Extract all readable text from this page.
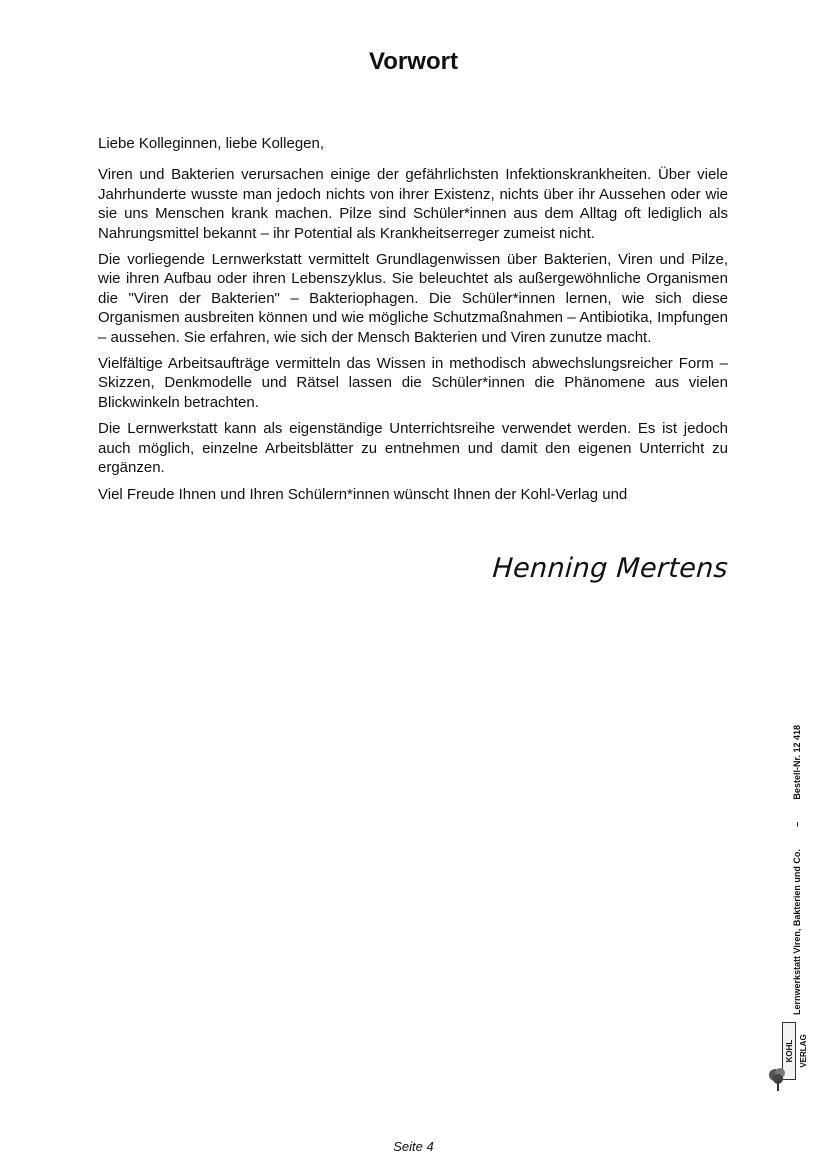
Vorwort

Liebe Kolleginnen, liebe Kollegen,

Viren und Bakterien verursachen einige der gefährlichsten Infektionskrankheiten. Über viele Jahrhunderte wusste man jedoch nichts von ihrer Existenz, nichts über ihr Aussehen oder wie sie uns Menschen krank machen. Pilze sind Schüler*innen aus dem Alltag oft lediglich als Nahrungsmittel bekannt – ihr Potential als Krankheitserreger zumeist nicht.

Die vorliegende Lernwerkstatt vermittelt Grundlagenwissen über Bakterien, Viren und Pilze, wie ihren Aufbau oder ihren Lebenszyklus. Sie beleuchtet als außergewöhnliche Organismen die "Viren der Bakterien" – Bakteriophagen. Die Schüler*innen lernen, wie sich diese Organismen ausbreiten können und wie mögliche Schutzmaßnahmen – Antibiotika, Impfungen – aussehen. Sie erfahren, wie sich der Mensch Bakterien und Viren zunutze macht.

Vielfältige Arbeitsaufträge vermitteln das Wissen in methodisch abwechslungsreicher Form – Skizzen, Denkmodelle und Rätsel lassen die Schüler*innen die Phänomene aus vielen Blickwinkeln betrachten.

Die Lernwerkstatt kann als eigenständige Unterrichtsreihe verwendet werden. Es ist jedoch auch möglich, einzelne Arbeitsblätter zu entnehmen und damit den eigenen Unterricht zu ergänzen.

Viel Freude Ihnen und Ihren Schülern*innen wünscht Ihnen der Kohl-Verlag und

Henning Mertens
Lernwerkstatt Viren, Bakterien und Co.
–
Bestell-Nr. 12 418
KOHL VERLAG
Seite 4
